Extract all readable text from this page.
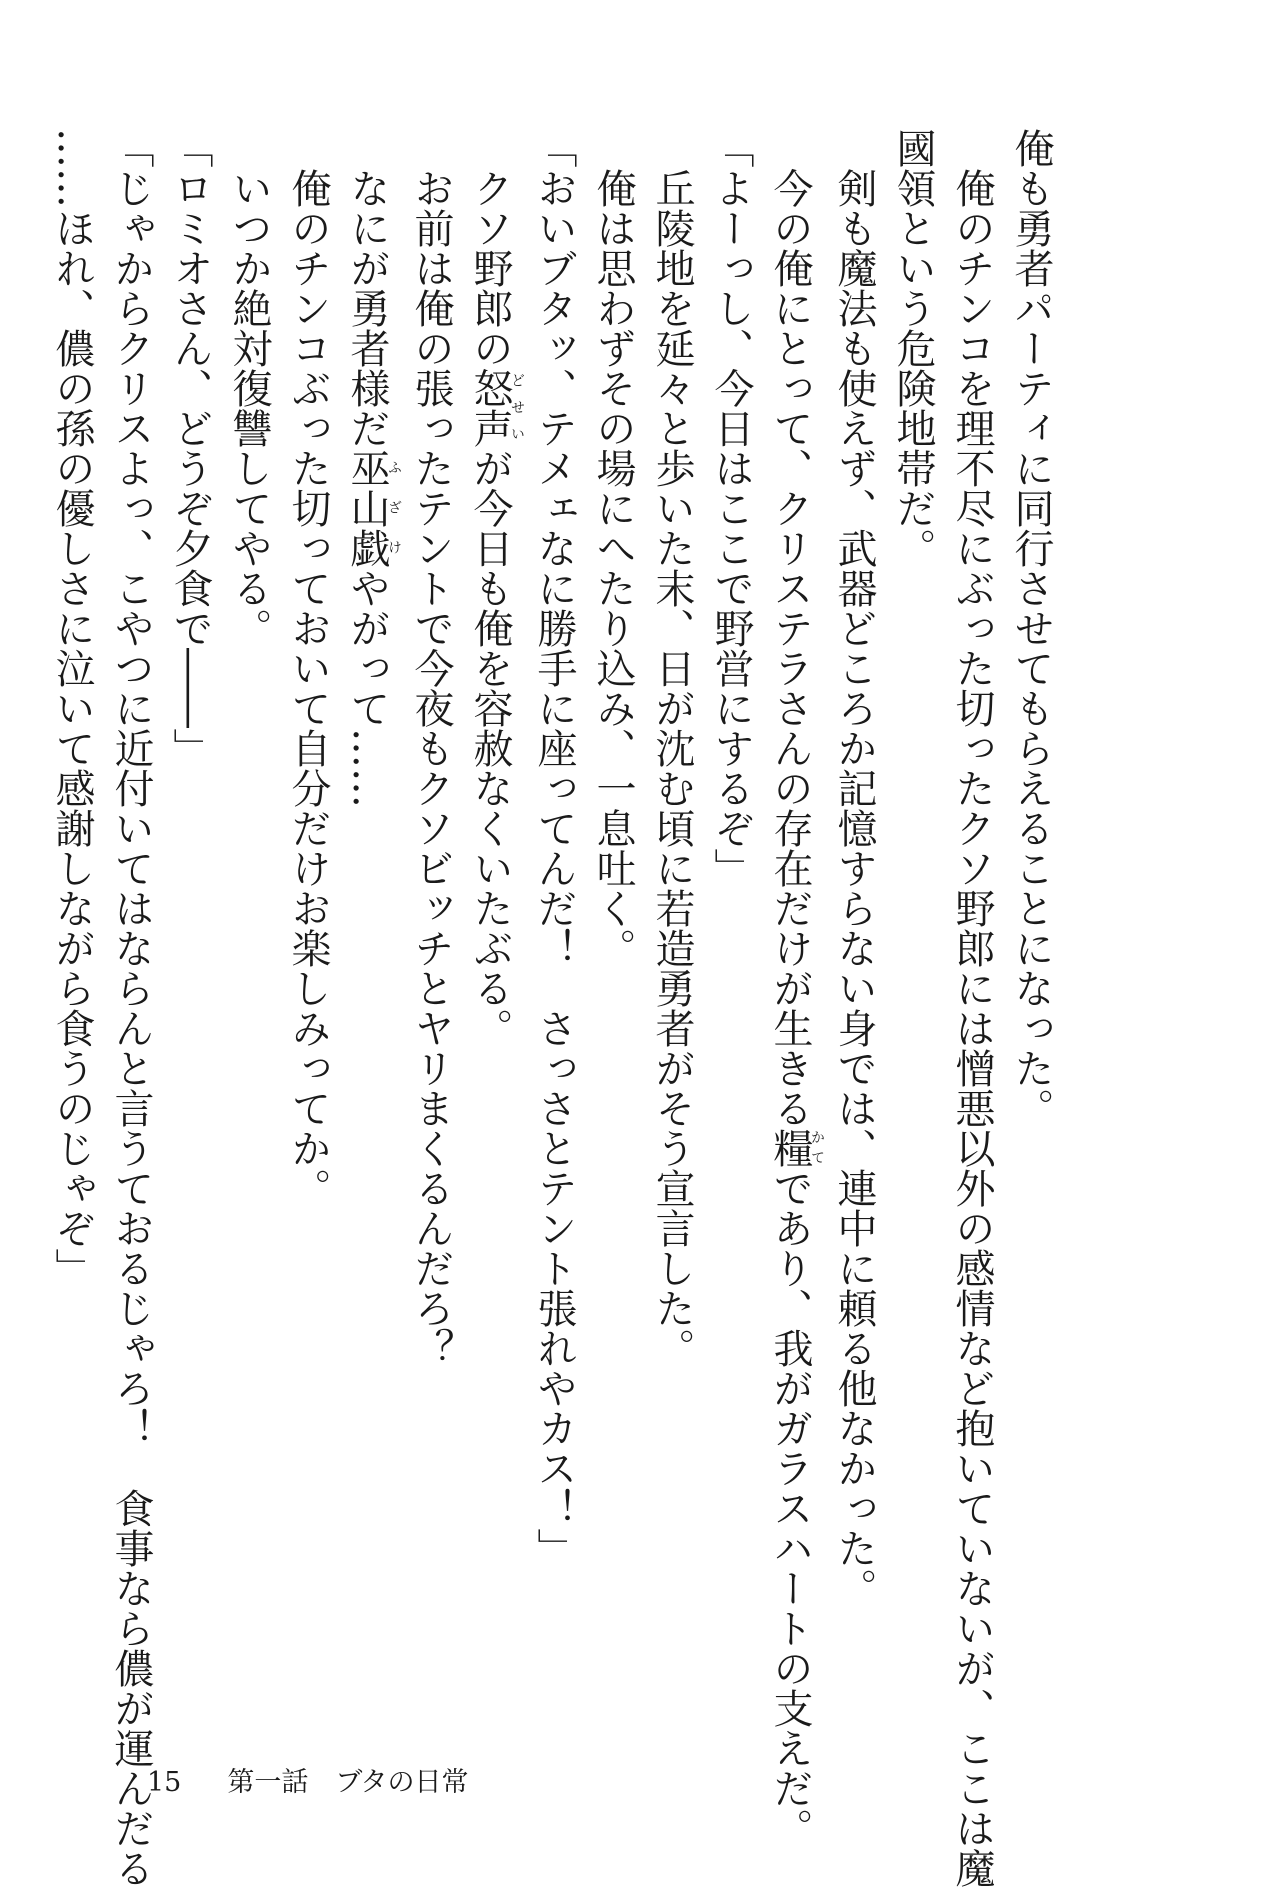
俺も勇者パーティに同行させてもらえることになった。

　俺のチンコを理不尽にぶった切ったクソ野郎には憎悪以外の感情など抱いていないが、ここは魔

國領という危険地帯だ。

　剣も魔法も使えず、武器どころか記憶すらない身では、連中に頼る他なかった。

　今の俺にとって、クリステラさんの存在だけが生きる糧かてであり、我がガラスハートの支えだ。

「よーっし、今日はここで野営にするぞ」

　丘陵地を延々と歩いた末、日が沈む頃に若造勇者がそう宣言した。

　俺は思わずその場にへたり込み、一息吐く。

「おいブタッ、テメェなに勝手に座ってんだ！　さっさとテント張れやカス！」

　クソ野郎の怒声どせいが今日も俺を容赦なくいたぶる。

　お前は俺の張ったテントで今夜もクソビッチとヤリまくるんだろ？

　なにが勇者様だ巫山戯ふざけやがって……

　俺のチンコぶった切っておいて自分だけお楽しみってか。

　いつか絶対復讐してやる。

「ロミオさん、どうぞ夕食で――」

「じゃからクリスよっ、こやつに近付いてはならんと言うておるじゃろ！　食事なら儂が運んだる

……ほれ、儂の孫の優しさに泣いて感謝しながら食うのじゃぞ」

15 第一話　ブタの日常
